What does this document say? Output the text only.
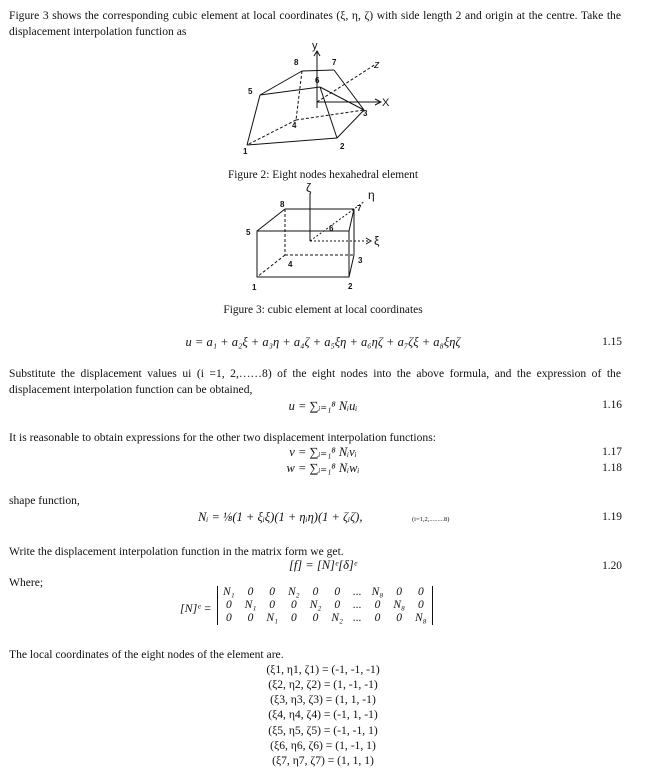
Figure 3 shows the corresponding cubic element at local coordinates (ξ, η, ζ) with side length 2 and origin at the centre. Take the displacement interpolation function as
1
2
3
4
5
6
7
8
y
z
X
Figure 2: Eight nodes hexahedral element
1	2
3
4
5	6
7
8
ζ	η
ξ
Figure 3: cubic element at local coordinates
u = a₁ + a₂ξ + a₃η + a₄ζ + a₅ξη + a₆ηζ + a₇ζξ + a₈ξηζ	1.15
Substitute the displacement values ui (i =1, 2,……8) of the eight nodes into the above formula, and the expression of the displacement interpolation function can be obtained,
u = ∑ᵢ₌₁⁸ Nᵢuᵢ	1.16
It is reasonable to obtain expressions for the other two displacement interpolation functions:
v = ∑ᵢ₌₁⁸ Nᵢvᵢ	1.17
w = ∑ᵢ₌₁⁸ Nᵢwᵢ	1.18
shape function,
Nᵢ = ⅛(1 + ξᵢξ)(1 + ηᵢη)(1 + ζᵢζ),	(i=1,2,.........8)	1.19
Write the displacement interpolation function in the matrix form we get.
[f] = [N]ᵉ[δ]ᵉ	1.20
Where;
[N]ᵉ =
N₁	0	0	N₂	0	0	...	N₈	0	0
0	N₁	0	0	N₂	0	...	0	N₈	0
0	0	N₁	0	0	N₂	...	0	0	N₈
The local coordinates of the eight nodes of the element are.
(ξ1, η1, ζ1) = (-1, -1, -1)
(ξ2, η2, ζ2) = (1, -1, -1)
(ξ3, η3, ζ3) = (1, 1, -1)
(ξ4, η4, ζ4) = (-1, 1, -1)
(ξ5, η5, ζ5) = (-1, -1, 1)
(ξ6, η6, ζ6) = (1, -1, 1)
(ξ7, η7, ζ7) = (1, 1, 1)
